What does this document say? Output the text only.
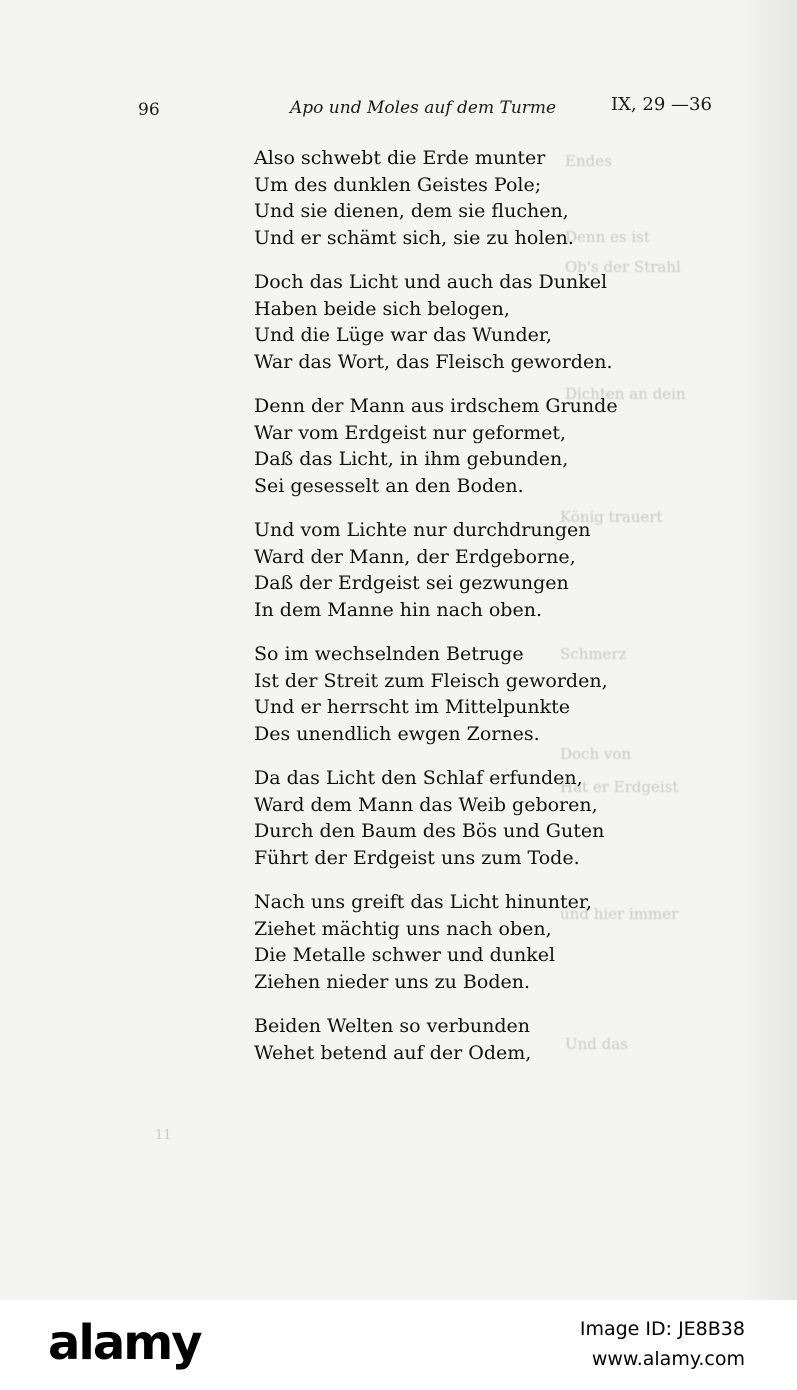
Endes
Denn es ist
Ob's der Strahl
Dichten an dein
König trauert
Schmerz
Doch von
Hat er Erdgeist
und hier immer
Und das
11
96	Apo und Moles auf dem Turme	IX, 29 —36
Also schwebt die Erde munter
Um des dunklen Geistes Pole;
Und sie dienen, dem sie fluchen,
Und er schämt sich, sie zu holen.
Doch das Licht und auch das Dunkel
Haben beide sich belogen,
Und die Lüge war das Wunder,
War das Wort, das Fleisch geworden.
Denn der Mann aus irdschem Grunde
War vom Erdgeist nur geformet,
Daß das Licht, in ihm gebunden,
Sei gesesselt an den Boden.
Und vom Lichte nur durchdrungen
Ward der Mann, der Erdgeborne,
Daß der Erdgeist sei gezwungen
In dem Manne hin nach oben.
So im wechselnden Betruge
Ist der Streit zum Fleisch geworden,
Und er herrscht im Mittelpunkte
Des unendlich ewgen Zornes.
Da das Licht den Schlaf erfunden,
Ward dem Mann das Weib geboren,
Durch den Baum des Bös und Guten
Führt der Erdgeist uns zum Tode.
Nach uns greift das Licht hinunter,
Ziehet mächtig uns nach oben,
Die Metalle schwer und dunkel
Ziehen nieder uns zu Boden.
Beiden Welten so verbunden
Wehet betend auf der Odem,
alamy	Image ID: JE8B38
www.alamy.com
